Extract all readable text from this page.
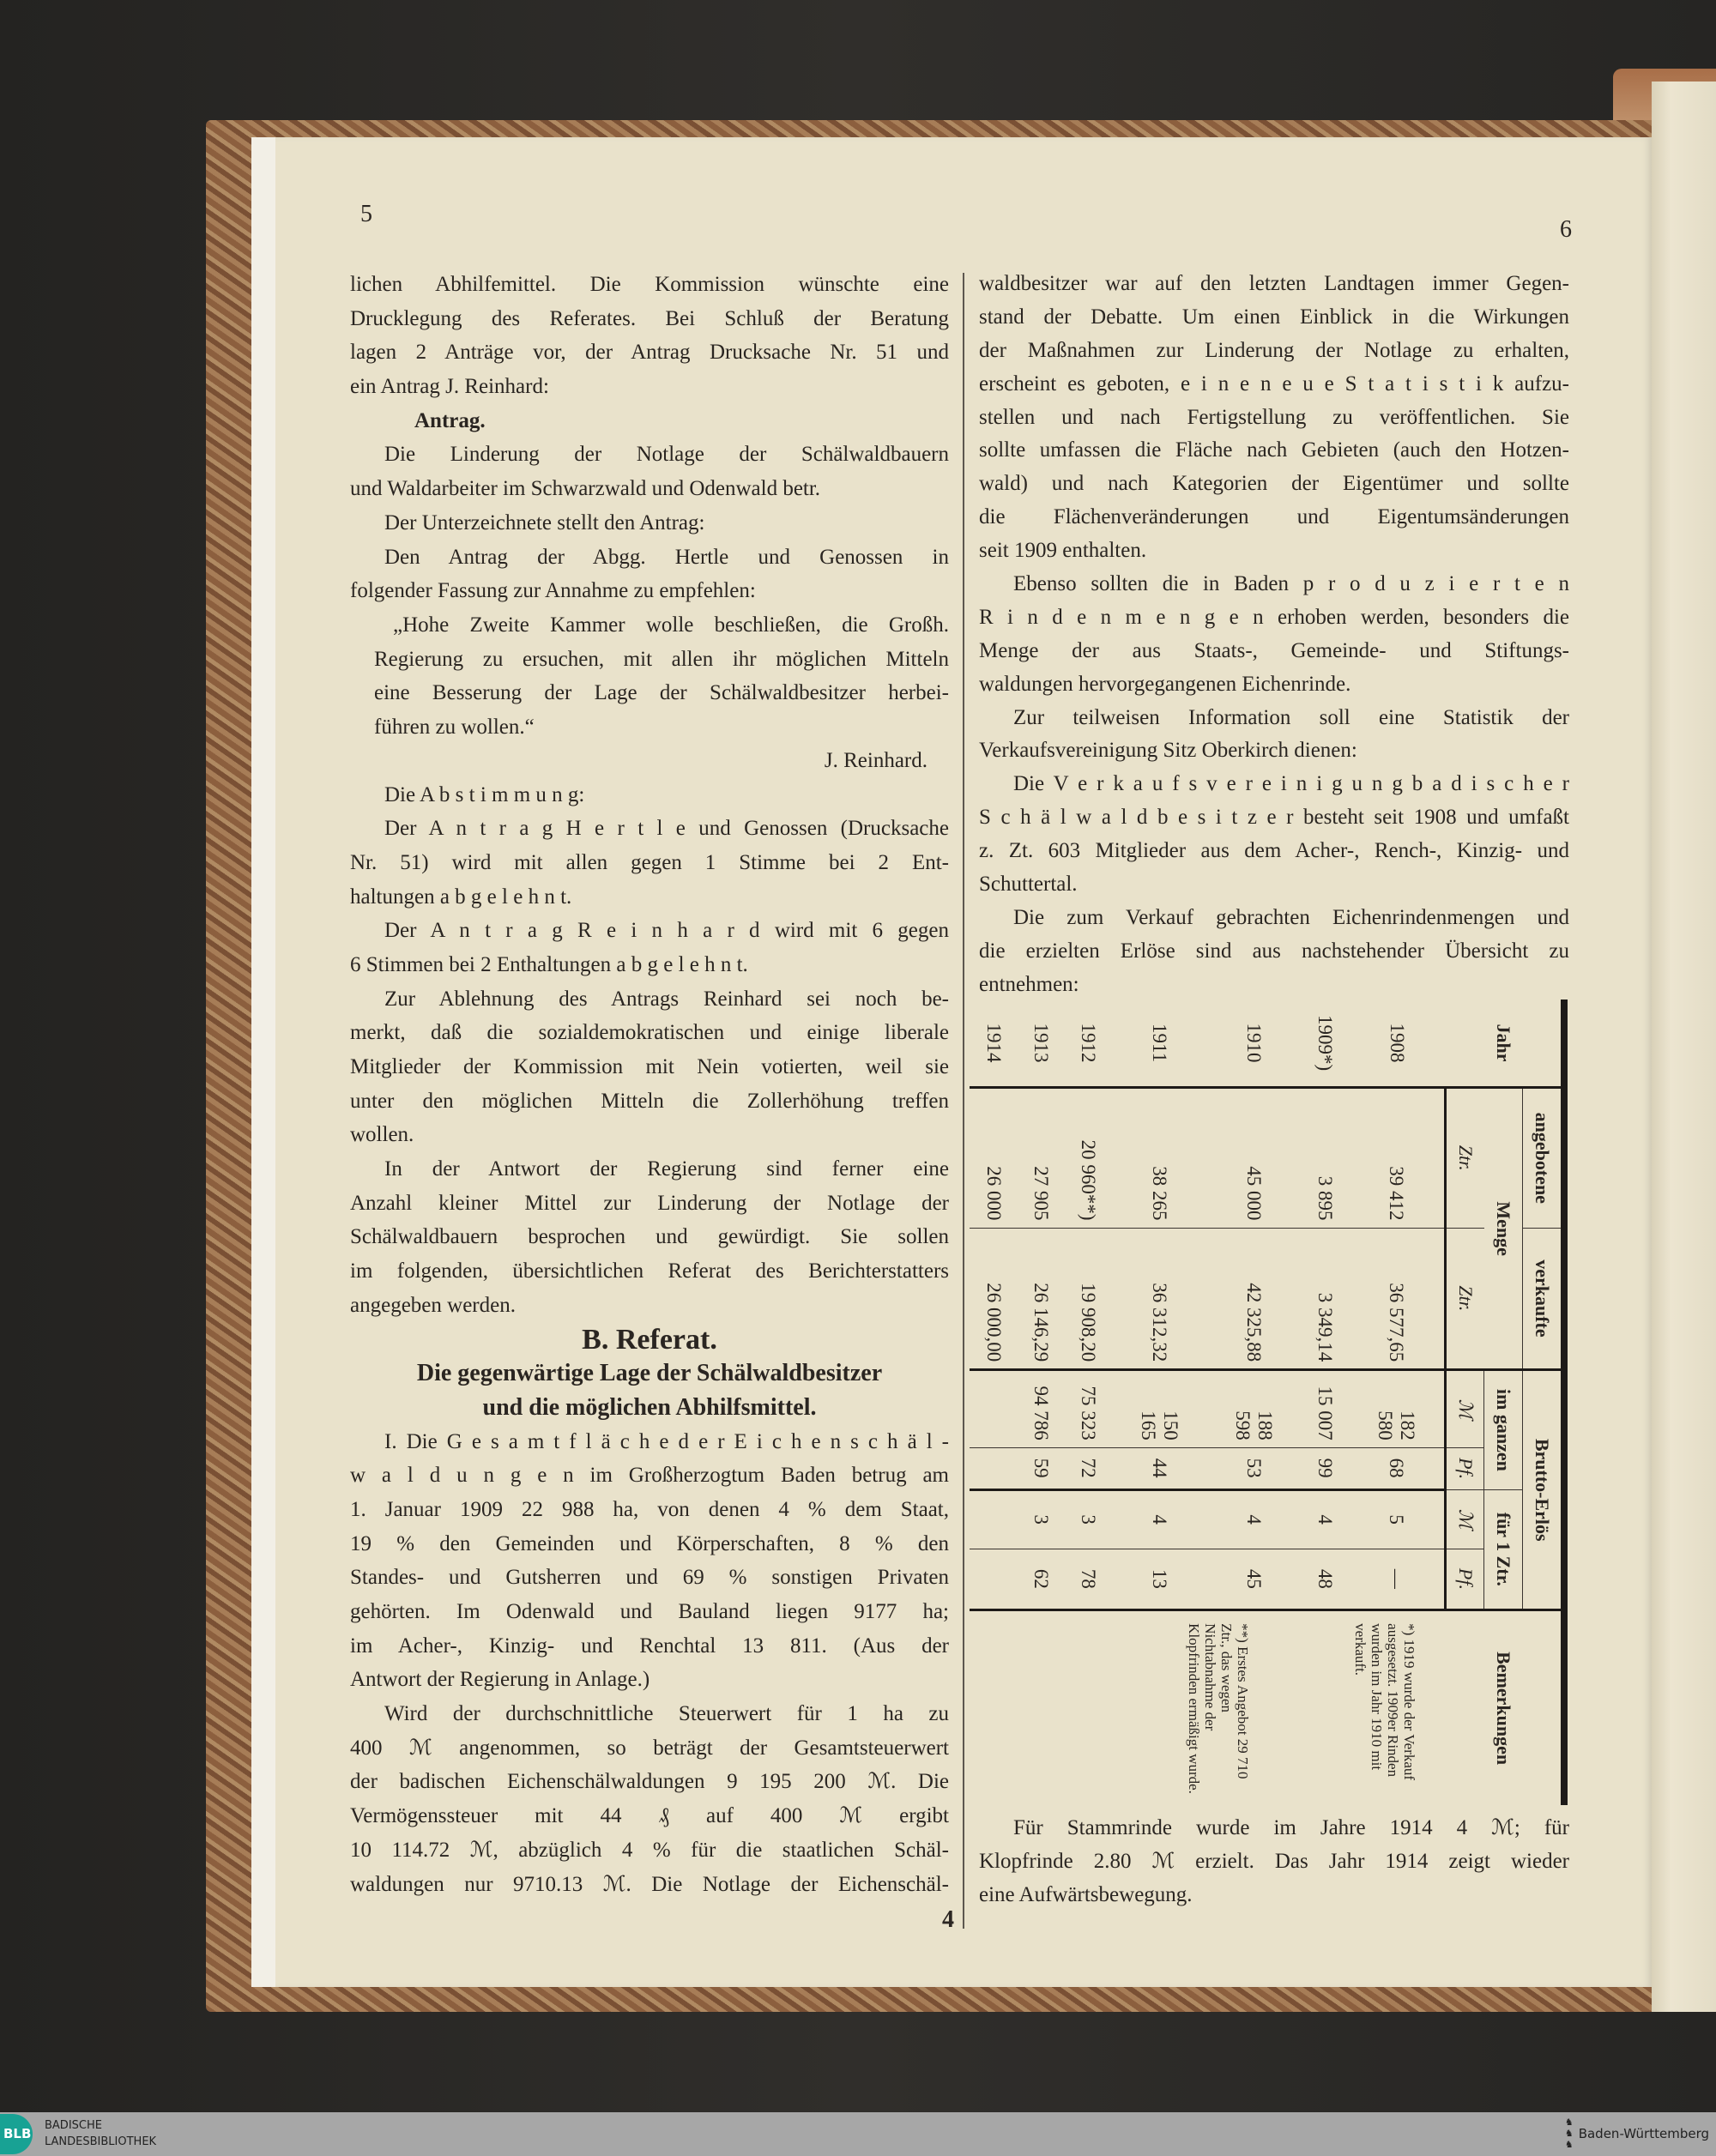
5
6
4
lichen Abhilfemittel. Die Kommission wünschte eine
Drucklegung des Referates. Bei Schluß der Beratung
lagen 2 Anträge vor, der Antrag Drucksache Nr. 51 und
ein Antrag J. Reinhard:
Antrag.
Die Linderung der Notlage der Schälwaldbauern
und Waldarbeiter im Schwarzwald und Odenwald betr.
Der Unterzeichnete stellt den Antrag:
Den Antrag der Abgg. Hertle und Genossen in
folgender Fassung zur Annahme zu empfehlen:
„Hohe Zweite Kammer wolle beschließen, die Großh.
Regierung zu ersuchen, mit allen ihr möglichen Mitteln
eine Besserung der Lage der Schälwaldbesitzer herbei-
führen zu wollen.“
J. Reinhard.
Die A b s t i m m u n g:
Der A n t r a g H e r t l e und Genossen (Drucksache
Nr. 51) wird mit allen gegen 1 Stimme bei 2 Ent-
haltungen a b g e l e h n t.
Der A n t r a g R e i n h a r d wird mit 6 gegen
6 Stimmen bei 2 Enthaltungen a b g e l e h n t.
Zur Ablehnung des Antrags Reinhard sei noch be-
merkt, daß die sozialdemokratischen und einige liberale
Mitglieder der Kommission mit Nein votierten, weil sie
unter den möglichen Mitteln die Zollerhöhung treffen
wollen.
In der Antwort der Regierung sind ferner eine
Anzahl kleiner Mittel zur Linderung der Notlage der
Schälwaldbauern besprochen und gewürdigt. Sie sollen
im folgenden, übersichtlichen Referat des Berichterstatters
angegeben werden.
B. Referat.
Die gegenwärtige Lage der Schälwaldbesitzer
und die möglichen Abhilfsmittel.
I. Die G e s a m t f l ä c h e d e r E i c h e n s c h ä l -
w a l d u n g e n im Großherzogtum Baden betrug am
1. Januar 1909 22 988 ha, von denen 4 % dem Staat,
19 % den Gemeinden und Körperschaften, 8 % den
Standes- und Gutsherren und 69 % sonstigen Privaten
gehörten. Im Odenwald und Bauland liegen 9177 ha;
im Acher-, Kinzig- und Renchtal 13 811. (Aus der
Antwort der Regierung in Anlage.)
Wird der durchschnittliche Steuerwert für 1 ha zu
400 ℳ angenommen, so beträgt der Gesamtsteuerwert
der badischen Eichenschälwaldungen 9 195 200 ℳ. Die
Vermögenssteuer mit 44 ₰ auf 400 ℳ ergibt
10 114.72 ℳ, abzüglich 4 % für die staatlichen Schäl-
waldungen nur 9710.13 ℳ. Die Notlage der Eichenschäl-
waldbesitzer war auf den letzten Landtagen immer Gegen-
stand der Debatte. Um einen Einblick in die Wirkungen
der Maßnahmen zur Linderung der Notlage zu erhalten,
erscheint es geboten, e i n e n e u e S t a t i s t i k aufzu-
stellen und nach Fertigstellung zu veröffentlichen. Sie
sollte umfassen die Fläche nach Gebieten (auch den Hotzen-
wald) und nach Kategorien der Eigentümer und sollte
die Flächenveränderungen und Eigentumsänderungen
seit 1909 enthalten.
Ebenso sollten die in Baden p r o d u z i e r t e n
R i n d e n m e n g e n erhoben werden, besonders die
Menge der aus Staats-, Gemeinde- und Stiftungs-
waldungen hervorgegangenen Eichenrinde.
Zur teilweisen Information soll eine Statistik der
Verkaufsvereinigung Sitz Oberkirch dienen:
Die V e r k a u f s v e r e i n i g u n g b a d i s c h e r
S c h ä l w a l d b e s i t z e r besteht seit 1908 und umfaßt
z. Zt. 603 Mitglieder aus dem Acher-, Rench-, Kinzig- und
Schuttertal.
Die zum Verkauf gebrachten Eichenrindenmengen und
die erzielten Erlöse sind aus nachstehender Übersicht zu
entnehmen:
Für Stammrinde wurde im Jahre 1914 4 ℳ; für
Klopfrinde 2.80 ℳ erzielt. Das Jahr 1914 zeigt wieder
eine Aufwärtsbewegung.
Jahr	angebotene	verkaufte	Brutto-Erlös				Bemerkungen
	Menge		im ganzen		für 1 Ztr.		
	Ztr.	Ztr.	ℳ	Pf.	ℳ	Pf.	
1908	39 412	36 577,65	182 580	68	5	—	*) 1919 wurde der Verkauf ausgesetzt. 1909er Rinden wurden im Jahr 1910 mit verkauft.
**) Erstes Angebot 29 710 Ztr., das wegen Nichtabnahme der Klopfrinden ermäßigt wurde.

1909*)	3 895	3 349,14	15 007	99	4	48	
1910	45 000	42 325,88	188 598	53	4	45	
1911	38 265	36 312,32	150 165	44	4	13	
1912	20 960**)	19 908,20	75 323	72	3	78	
1913	27 905	26 146,29	94 786	59	3	62	
1914	26 000	26 000,00					
BLB
BADISCHE
LANDESBIBLIOTHEK
♞
♞
♞
Baden-Württemberg
